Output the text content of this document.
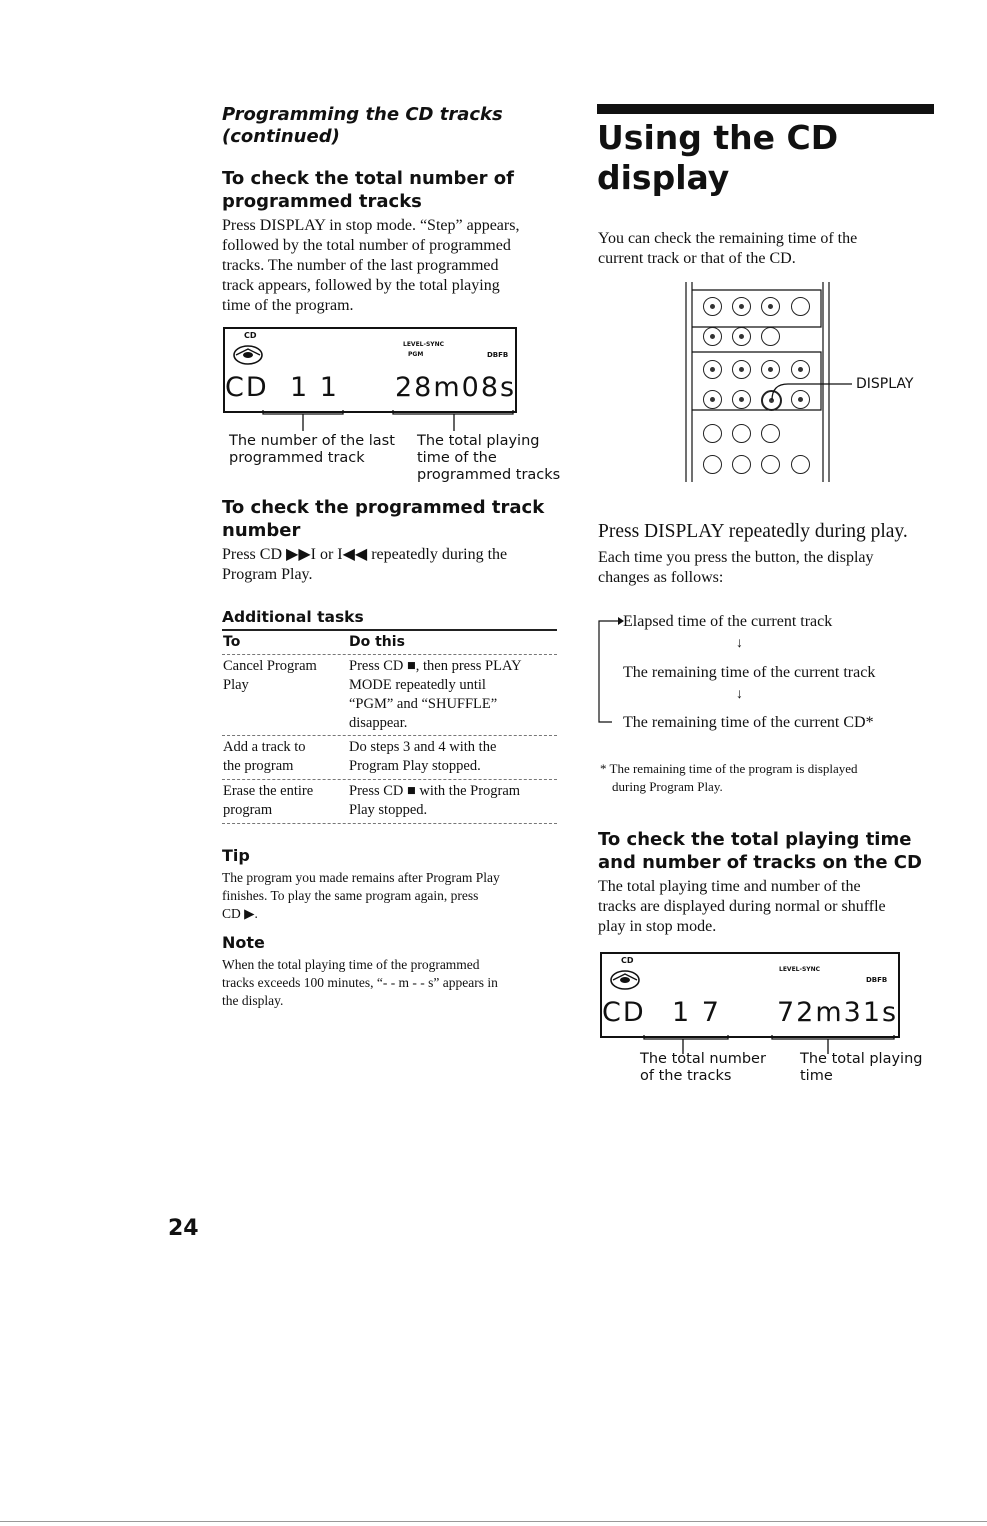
Programming the CD tracks
(continued)
To check the total number of
programmed tracks
Press DISPLAY in stop mode. “Step” appears,
followed by the total number of programmed
tracks. The number of the last programmed
track appears, followed by the total playing
time of the program.
CD
LEVEL-SYNC
PGM	DBFB
CD 1 1 28m08s
The number of the last
programmed track
The total playing
time of the
programmed tracks
To check the programmed track
number
Press CD ▶▶I or I◀◀ repeatedly during the
Program Play.
Additional tasks
To	Do this
Cancel Program
Play
Press CD ■, then press PLAY
MODE repeatedly until
“PGM” and “SHUFFLE”
disappear.
Add a track to
the program
Do steps 3 and 4 with the
Program Play stopped.
Erase the entire
program
Press CD ■ with the Program
Play stopped.
Tip
The program you made remains after Program Play
finishes. To play the same program again, press
CD ▶.
Note
When the total playing time of the programmed
tracks exceeds 100 minutes, “- - m - - s” appears in
the display.
Using the CD
display
You can check the remaining time of the
current track or that of the CD.
DISPLAY
Press DISPLAY repeatedly during play.
Each time you press the button, the display
changes as follows:
Elapsed time of the current track
↓
The remaining time of the current track
↓
The remaining time of the current CD*
* The remaining time of the program is displayed
during Program Play.
To check the total playing time
and number of tracks on the CD
The total playing time and number of the
tracks are displayed during normal or shuffle
play in stop mode.
CD
LEVEL-SYNC
DBFB
CD 1 7 72m31s
The total number
of the tracks
The total playing
time
24
